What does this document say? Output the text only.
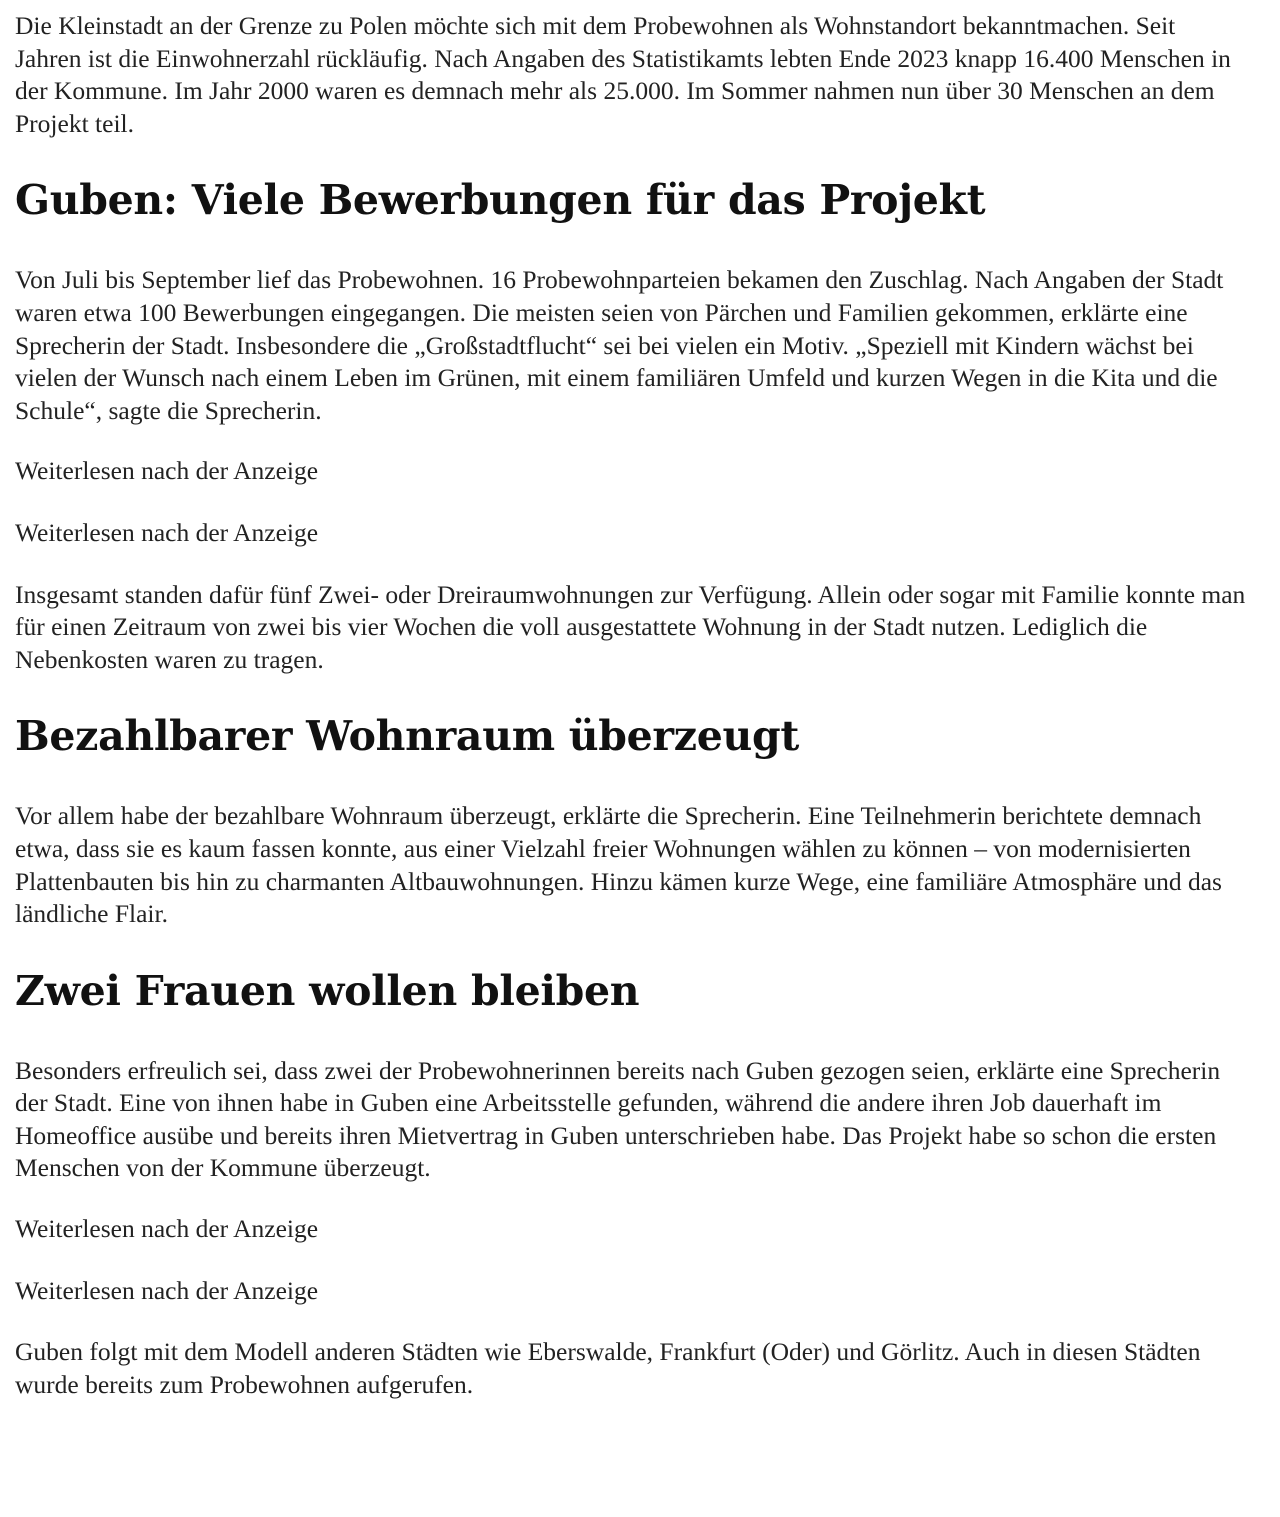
Die Kleinstadt an der Grenze zu Polen möchte sich mit dem Probewohnen als Wohnstandort bekanntmachen. Seit Jahren ist die Einwohnerzahl rückläufig. Nach Angaben des Statistikamts lebten Ende 2023 knapp 16.400 Menschen in der Kommune. Im Jahr 2000 waren es demnach mehr als 25.000. Im Sommer nahmen nun über 30 Menschen an dem Projekt teil.

Guben: Viele Bewerbungen für das Projekt

Von Juli bis September lief das Probewohnen. 16 Probewohnparteien bekamen den Zuschlag. Nach Angaben der Stadt waren etwa 100 Bewerbungen eingegangen. Die meisten seien von Pärchen und Familien gekommen, erklärte eine Sprecherin der Stadt. Insbesondere die „Großstadtflucht“ sei bei vielen ein Motiv. „Speziell mit Kindern wächst bei vielen der Wunsch nach einem Leben im Grünen, mit einem familiären Umfeld und kurzen Wegen in die Kita und die Schule“, sagte die Sprecherin.

Weiterlesen nach der Anzeige

Weiterlesen nach der Anzeige

Insgesamt standen dafür fünf Zwei- oder Dreiraumwohnungen zur Verfügung. Allein oder sogar mit Familie konnte man für einen Zeitraum von zwei bis vier Wochen die voll ausgestattete Wohnung in der Stadt nutzen. Lediglich die Nebenkosten waren zu tragen.

Bezahlbarer Wohnraum überzeugt

Vor allem habe der bezahlbare Wohnraum überzeugt, erklärte die Sprecherin. Eine Teilnehmerin berichtete demnach etwa, dass sie es kaum fassen konnte, aus einer Vielzahl freier Wohnungen wählen zu können – von modernisierten Plattenbauten bis hin zu charmanten Altbauwohnungen. Hinzu kämen kurze Wege, eine familiäre Atmosphäre und das ländliche Flair.

Zwei Frauen wollen bleiben

Besonders erfreulich sei, dass zwei der Probewohnerinnen bereits nach Guben gezogen seien, erklärte eine Sprecherin der Stadt. Eine von ihnen habe in Guben eine Arbeitsstelle gefunden, während die andere ihren Job dauerhaft im Homeoffice ausübe und bereits ihren Mietvertrag in Guben unterschrieben habe. Das Projekt habe so schon die ersten Menschen von der Kommune überzeugt.

Weiterlesen nach der Anzeige

Weiterlesen nach der Anzeige

Guben folgt mit dem Modell anderen Städten wie Eberswalde, Frankfurt (Oder) und Görlitz. Auch in diesen Städten wurde bereits zum Probewohnen aufgerufen.
